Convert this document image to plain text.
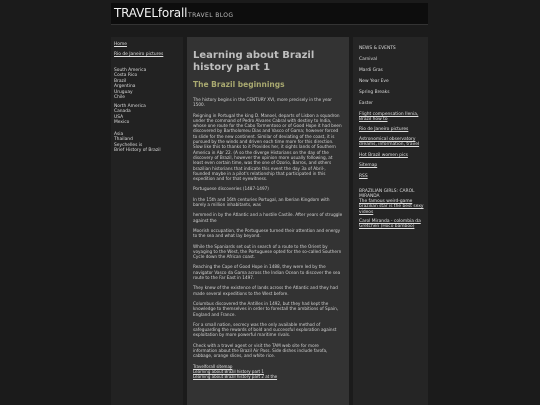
TRAVELforall TRAVEL BLOG
Home
Rio de Janeiro pictures
South America
Costa Rico
Brazil
Argentina
Uruguay
Chile
North America
Canada
USA
Mexico
Asia
Thailand
Seychelles is
Brief History of Brazil
Learning about Brazil history part 1
The Brazil beginnings

The history begins in the CENTURY XVI, more precisely in the year 1500.

Reigning in Portugal the king D. Manoel, departs of Lisbon a squadron under the command of Pedro Alvares Cabral with destiny to India, whose one route for the Cabo Tormentoso or of Good Hope it had been discovered by Bartholomeu Dias and Vasco of Gama; however forced to slide for the new continent. Similar of deviating of the coast, it is pursued by the winds and driven each time more for this direction. Slow like this to thanks to it Provides her, it sights lands of Southern America in Abr 22. (A so the diverge Historians on the day of the discovery of Brazil, however the opinion more usually following, at least even certain time, was the one of Ozorio, Barros, and others brazilian historians that indicate this event the day 3a of Abril-, founded maybe in a pilot's relationship that participated in this expedition and for that eyewitness.

Portuguese discoveries (1487-1497)

In the 15th and 16th centuries Portugal, an Iberian Kingdom with barely a million inhabitants, was

hemmed in by the Atlantic and a hostile Castile. After years of struggle against the

Moorish occupation, the Portuguese turned their attention and energy to the sea and what lay beyond.

While the Spaniards set out in search of a route to the Orient by voyaging to the West, the Portuguese opted for the so-called Southern Cycle down the African coast.

Reaching the Cape of Good Hope in 1488, they were led by the navigator Vasco da Gama across the Indian Ocean to discover the sea route to the Far East in 1497.

They knew of the existence of lands across the Atlantic and they had made several expeditions to the West before.

Columbus discovered the Antilles in 1492, but they had kept the knowledge to themselves in order to forestall the ambitions of Spain, England and France.

For a small nation, secrecy was the only available method of safeguarding the rewards of bold and successful exploration against exploitation by more powerful maritime rivals.

Check with a travel agent or visit the TAM web site for more information about the Brazil Air Pass. Side dishes include farofa, cabbage, orange slices, and white rice.

Travelforall sitemap
Learning about Brazil history part 1
Learning about Brazil history part 2 at the
NEWS & EVENTS
Carnival
Mardi Gras
New Year Eve
Spring Breaks
Easter
Flight compensation Ilenia, Brazil how to
Rio de Janeiro pictures
Astronomical observatory dreams, information, travel
Hot Brazil women pics
Sitemap
RSS
BRAZILIAN GIRLS: CAROL MIRANDA
The famous weird-game brazilian star is the best sexy videos
Carol Miranda - colombia da Gretchen (Hoco bamboo)
